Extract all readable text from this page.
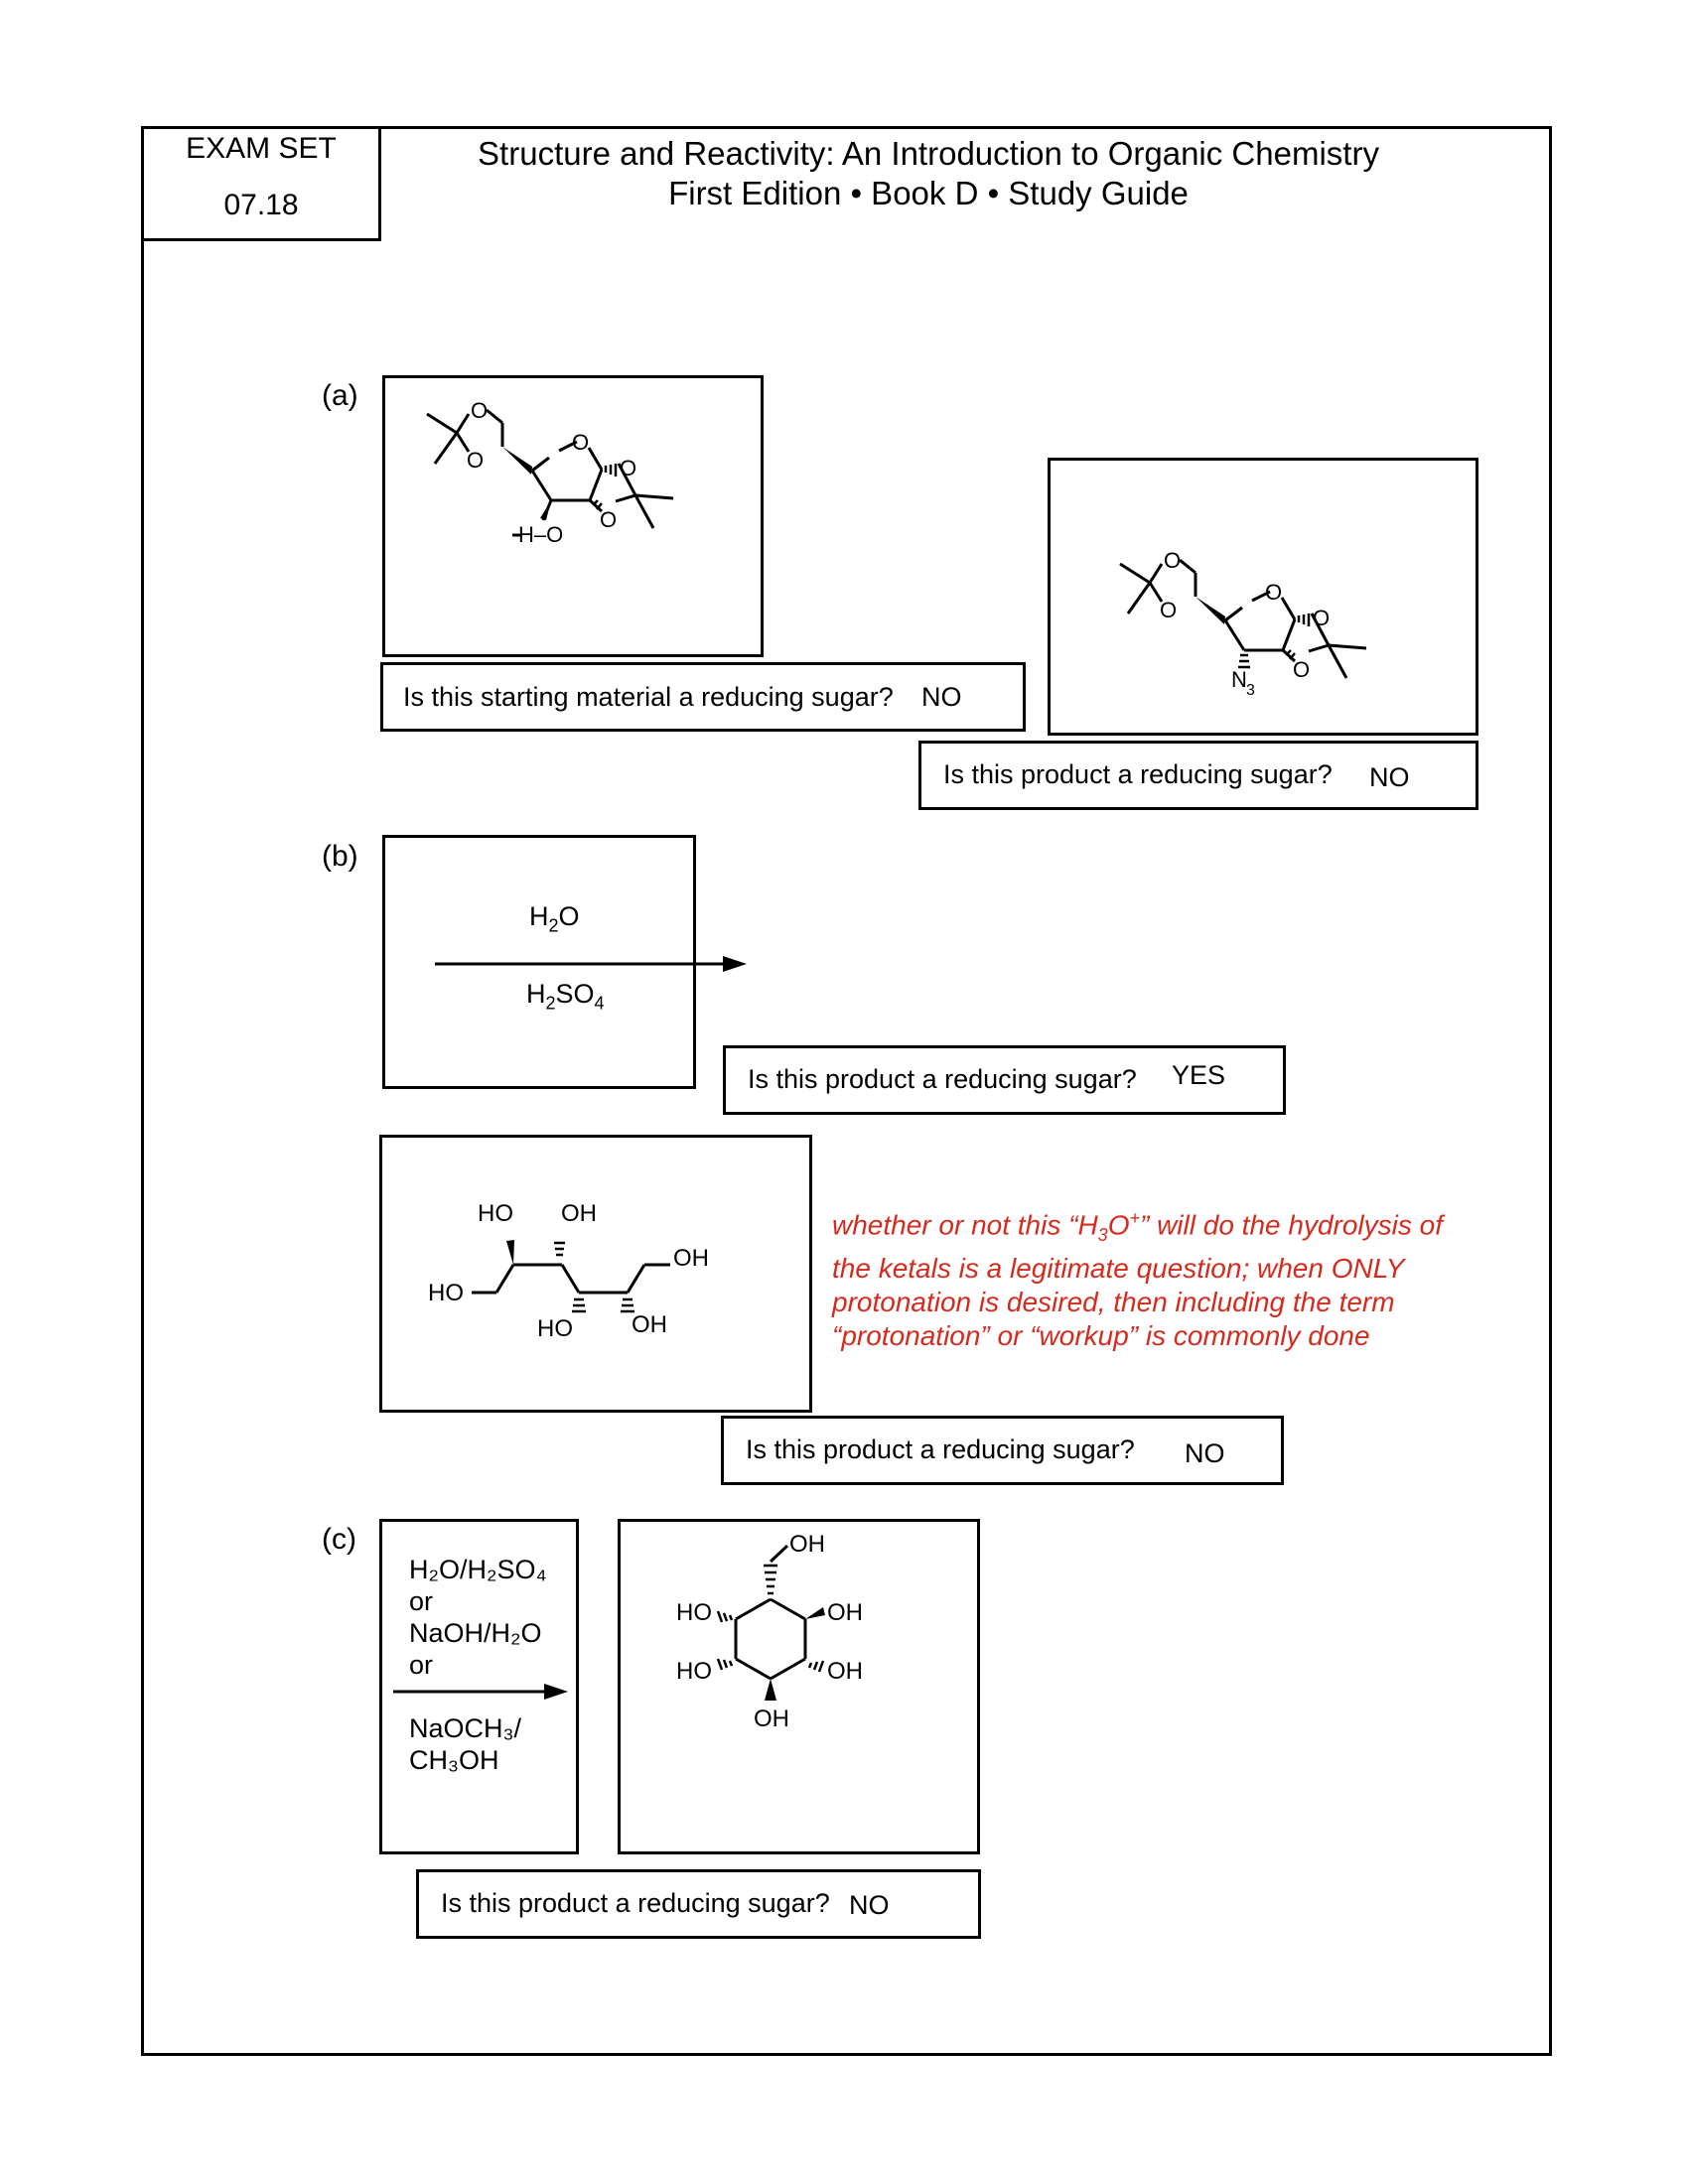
EXAM SET
07.18
Structure and Reactivity: An Introduction to Organic Chemistry
First Edition • Book D • Study Guide
(a)	O
O
O
O
O
H–O
Is this starting material a reducing sugar? NO
O
O
O
O
O
N 3
Is this product a reducing sugar? NO
(b)
$H_2O$
$H_2SO_4$
Is this product a reducing sugar? YES
HO OH
OH
HO
HO OH
whether or not this “$H_3O^+$” will do the hydrolysis of the ketals is a legitimate question; when ONLY protonation is desired, then including the term “protonation” or “workup” is commonly done
Is this product a reducing sugar? NO
(c)
H₂O/H₂SO₄
or
NaOH/H₂O
or
NaOCH₃/
CH₃OH
OH
HO	OH
HO	OH
OH
Is this product a reducing sugar? NO
